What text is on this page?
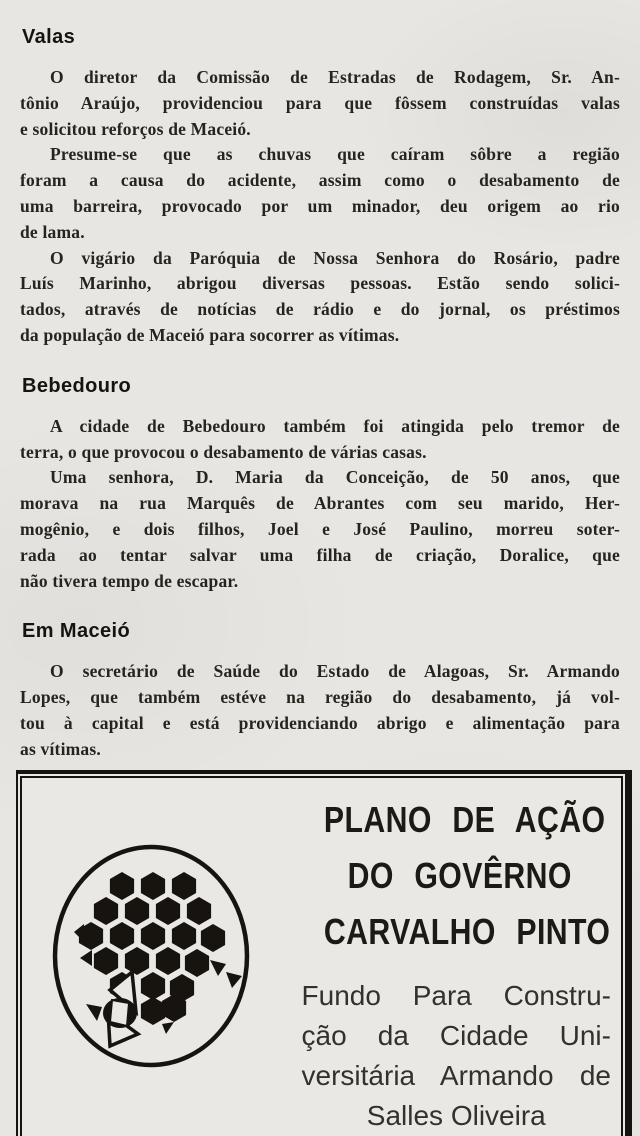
Valas
O diretor da Comissão de Estradas de Rodagem, Sr. An-
tônio Araújo, providenciou para que fôssem construídas valas
e solicitou reforços de Maceió.
Presume-se que as chuvas que caíram sôbre a região
foram a causa do acidente, assim como o desabamento de
uma barreira, provocado por um minador, deu origem ao rio
de lama.
O vigário da Paróquia de Nossa Senhora do Rosário, padre
Luís Marinho, abrigou diversas pessoas. Estão sendo solici-
tados, através de notícias de rádio e do jornal, os préstimos
da população de Maceió para socorrer as vítimas.
Bebedouro
A cidade de Bebedouro também foi atingida pelo tremor de
terra, o que provocou o desabamento de várias casas.
Uma senhora, D. Maria da Conceição, de 50 anos, que
morava na rua Marquês de Abrantes com seu marido, Her-
mogênio, e dois filhos, Joel e José Paulino, morreu soter-
rada ao tentar salvar uma filha de criação, Doralice, que
não tivera tempo de escapar.
Em Maceió
O secretário de Saúde do Estado de Alagoas, Sr. Armando
Lopes, que também estéve na região do desabamento, já vol-
tou à capital e está providenciando abrigo e alimentação para
as vítimas.
PLANO DE AÇÃO
DO GOVÊRNO
CARVALHO PINTO
Fundo Para Constru-
ção da Cidade Uni-
versitária Armando de
Salles Oliveira
